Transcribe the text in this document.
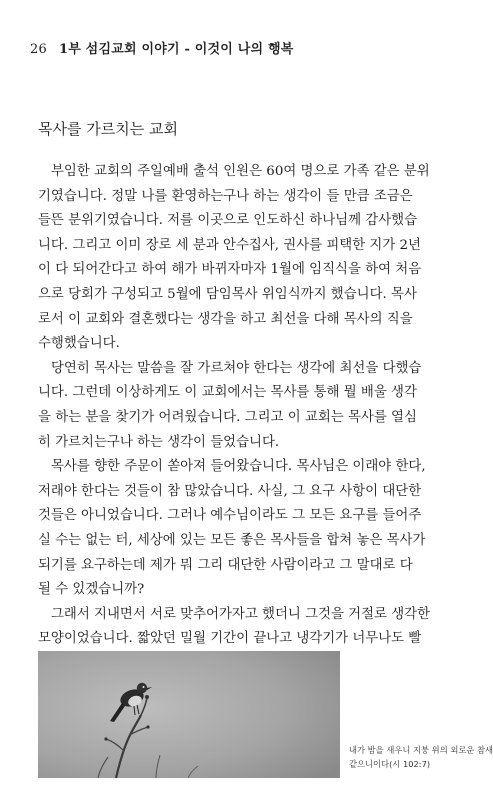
26 1부 섬김교회 이야기 - 이것이 나의 행복
목사를 가르치는 교회
부임한 교회의 주일예배 출석 인원은 60여 명으로 가족 같은 분위
기였습니다. 정말 나를 환영하는구나 하는 생각이 들 만큼 조금은
들뜬 분위기였습니다. 저를 이곳으로 인도하신 하나님께 감사했습
니다. 그리고 이미 장로 세 분과 안수집사, 권사를 피택한 지가 2년
이 다 되어간다고 하여 해가 바뀌자마자 1월에 임직식을 하여 처음
으로 당회가 구성되고 5월에 담임목사 위임식까지 했습니다. 목사
로서 이 교회와 결혼했다는 생각을 하고 최선을 다해 목사의 직을
수행했습니다.
당연히 목사는 말씀을 잘 가르쳐야 한다는 생각에 최선을 다했습
니다. 그런데 이상하게도 이 교회에서는 목사를 통해 뭘 배울 생각
을 하는 분을 찾기가 어려웠습니다. 그리고 이 교회는 목사를 열심
히 가르치는구나 하는 생각이 들었습니다.
목사를 향한 주문이 쏟아져 들어왔습니다. 목사님은 이래야 한다,
저래야 한다는 것들이 참 많았습니다. 사실, 그 요구 사항이 대단한
것들은 아니었습니다. 그러나 예수님이라도 그 모든 요구를 들어주
실 수는 없는 터, 세상에 있는 모든 좋은 목사들을 합쳐 놓은 목사가
되기를 요구하는데 제가 뭐 그리 대단한 사람이라고 그 말대로 다
될 수 있겠습니까?
그래서 지내면서 서로 맞추어가자고 했더니 그것을 거절로 생각한
모양이었습니다. 짧았던 밀월 기간이 끝나고 냉각기가 너무나도 빨
내가 밤을 새우니 지붕 위의 외로운 참새
같으니이다(시 102:7)
